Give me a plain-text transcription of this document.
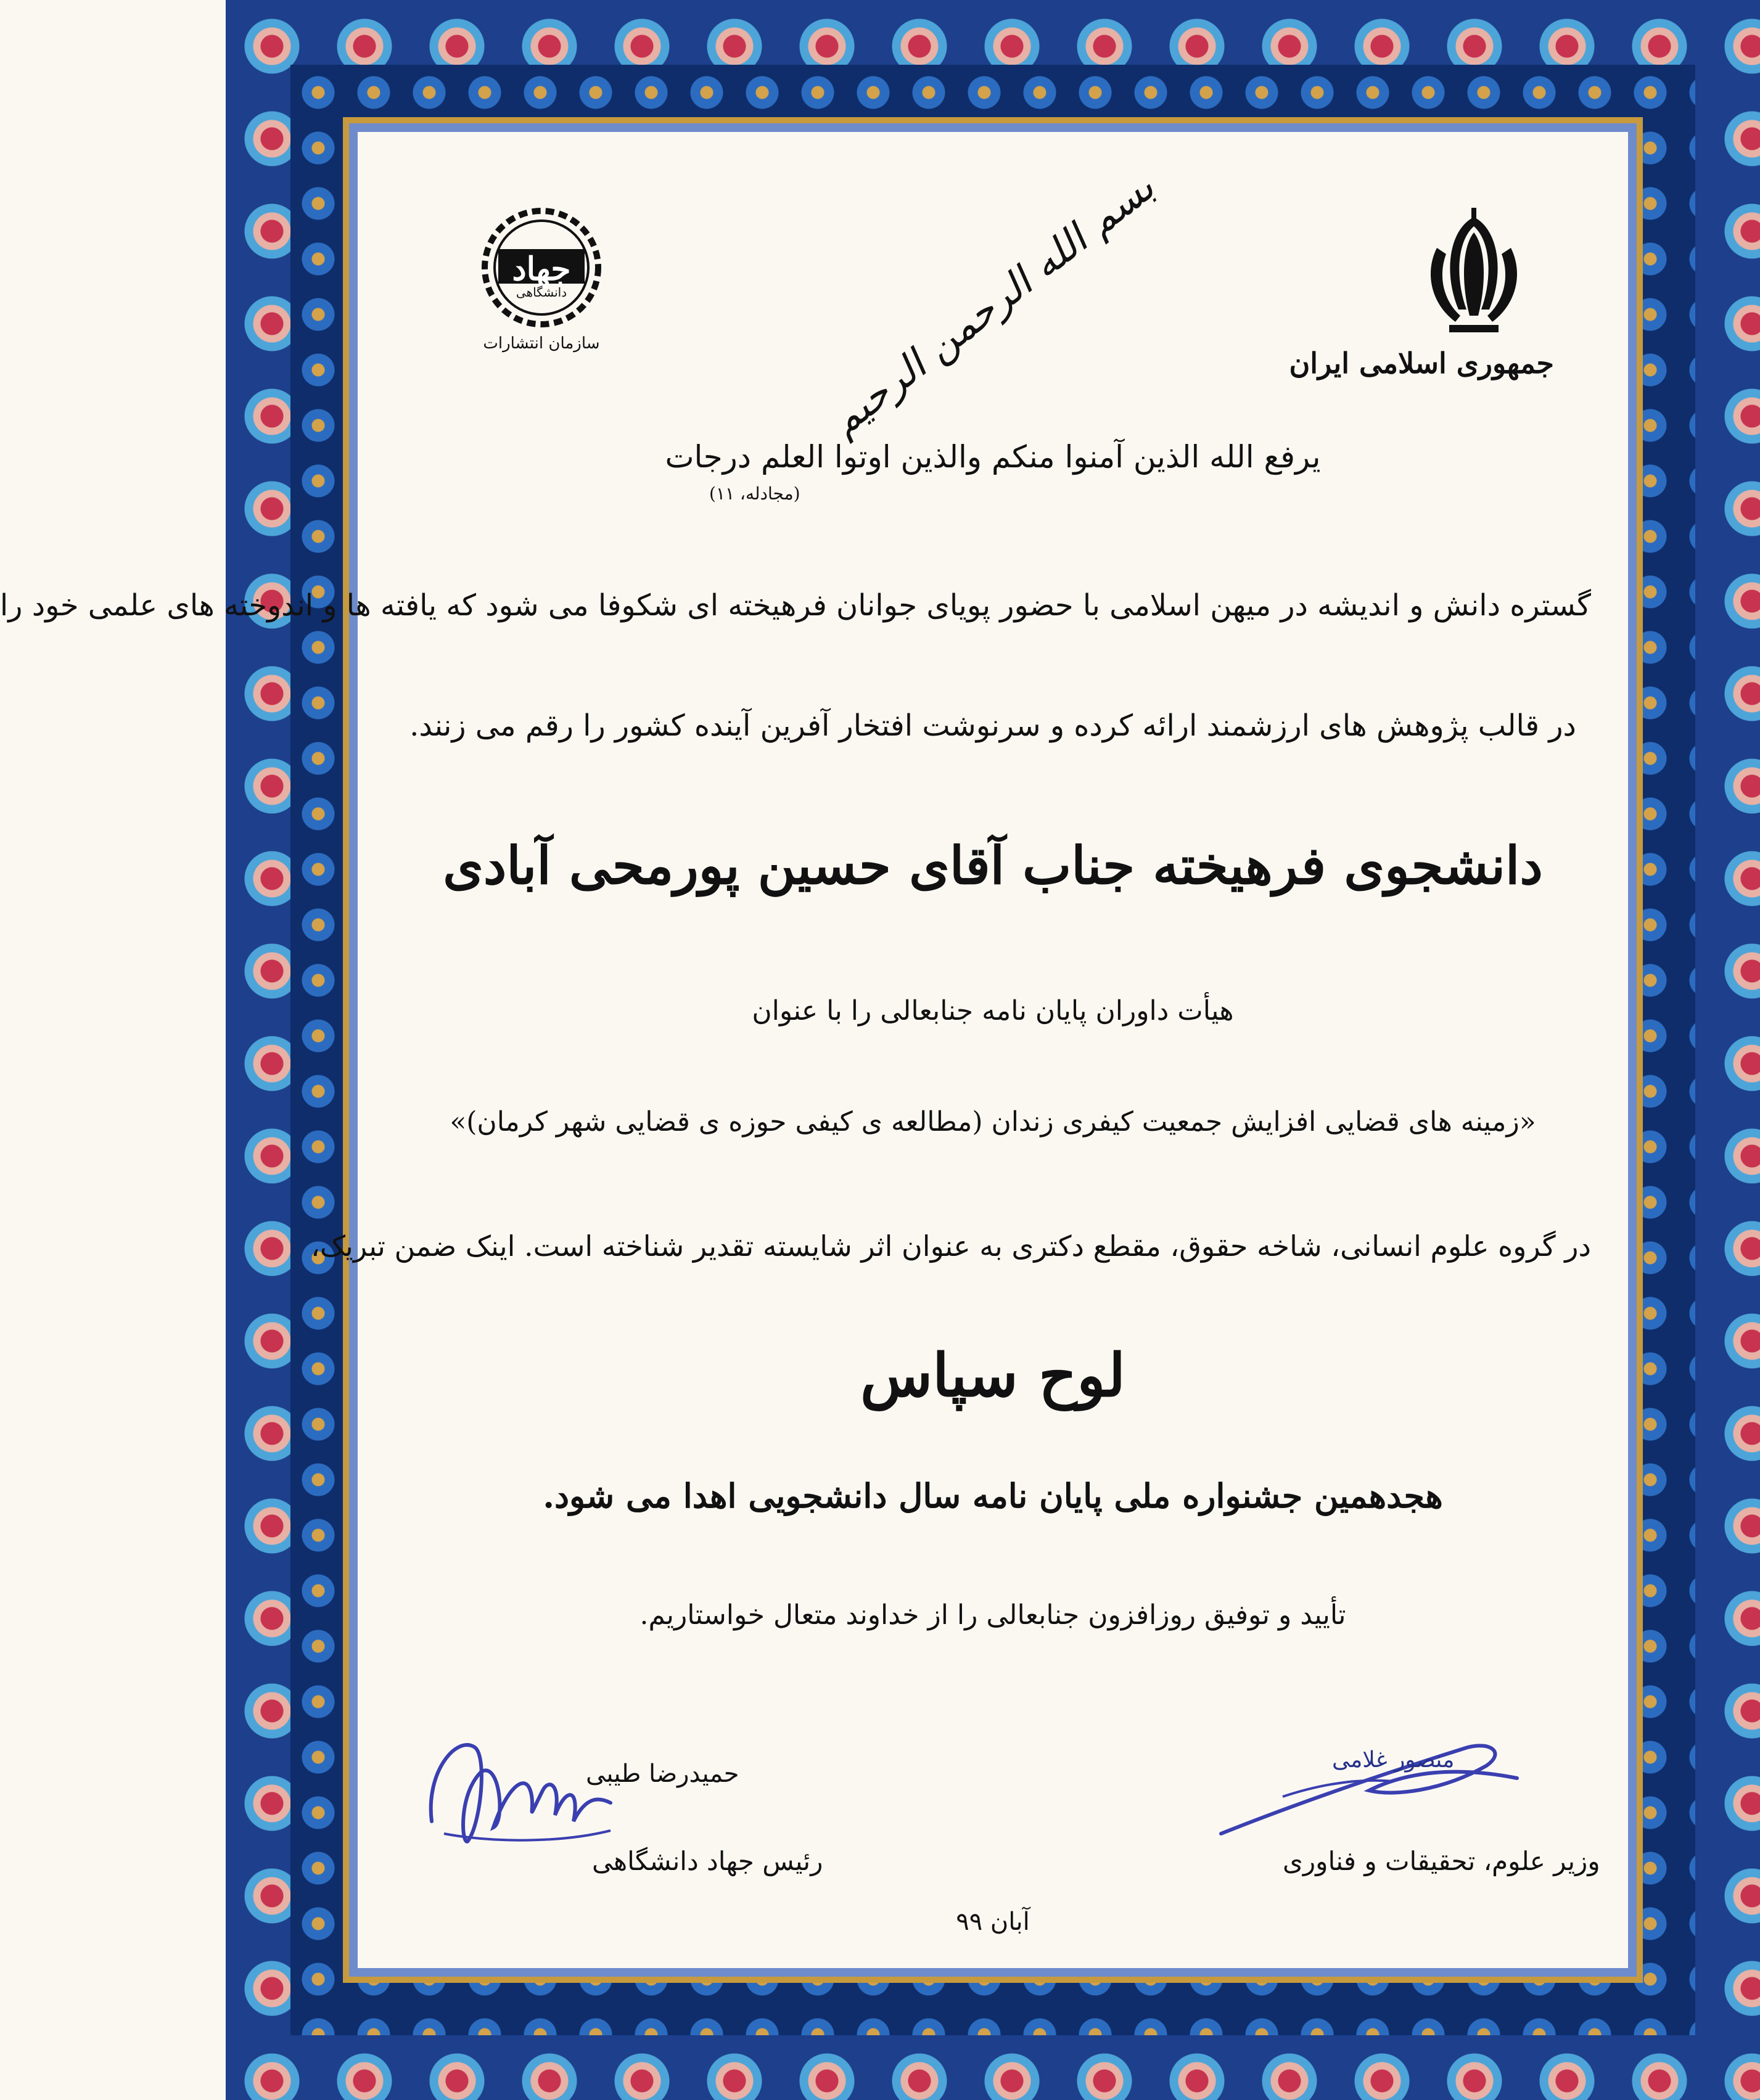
جمهوری اسلامی ایران
بسم الله الرحمن الرحیم
جهاد
دانشگاهی
سازمان انتشارات
یرفع الله الذین آمنوا منکم والذین اوتوا العلم درجات
(مجادله، ۱۱)
گستره دانش و اندیشه در میهن اسلامی با حضور پویای جوانان فرهیخته ای شکوفا می شود که یافته ها و اندوخته های علمی خود را
در قالب پژوهش های ارزشمند ارائه کرده و سرنوشت افتخار آفرین آینده کشور را رقم می زنند.
دانشجوی فرهیخته جناب آقای حسین پورمحی آبادی
هیأت داوران پایان نامه جنابعالی را با عنوان
«زمینه های قضایی افزایش جمعیت کیفری زندان (مطالعه ی کیفی حوزه ی قضایی شهر کرمان)»
در گروه علوم انسانی، شاخه حقوق، مقطع دکتری به عنوان اثر شایسته تقدیر شناخته است. اینک ضمن تبریک،
لوح سپاس
هجدهمین جشنواره ملی پایان نامه سال دانشجویی اهدا می شود.
تأیید و توفیق روزافزون جنابعالی را از خداوند متعال خواستاریم.
حمیدرضا طیبی
رئیس جهاد دانشگاهی
منصور غلامی
وزیر علوم، تحقیقات و فناوری
آبان ۹۹
